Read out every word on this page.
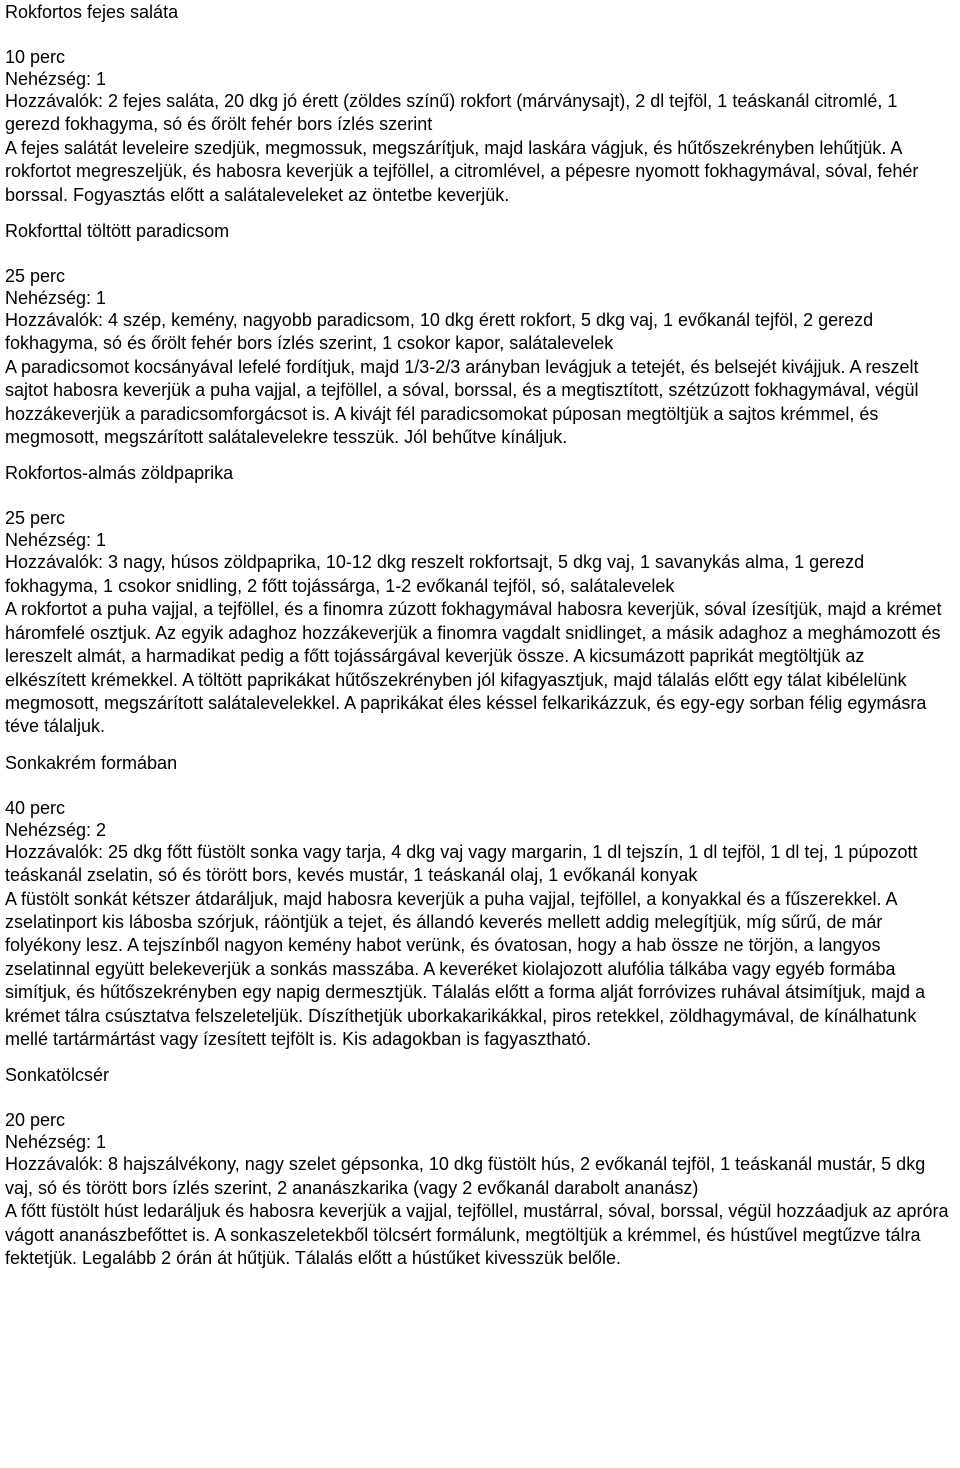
Rokfortos fejes saláta

10 perc

Nehézség: 1

Hozzávalók: 2 fejes saláta, 20 dkg jó érett (zöldes színű) rokfort (márványsajt), 2 dl tejföl, 1 teáskanál citromlé, 1 gerezd fokhagyma, só és őrölt fehér bors ízlés szerint

A fejes salátát leveleire szedjük, megmossuk, megszárítjuk, majd laskára vágjuk, és hűtőszekrényben lehűtjük. A rokfortot megreszeljük, és habosra keverjük a tejföllel, a citromlével, a pépesre nyomott fokhagymával, sóval, fehér borssal. Fogyasztás előtt a salátaleveleket az öntetbe keverjük.

Rokforttal töltött paradicsom

25 perc

Nehézség: 1

Hozzávalók: 4 szép, kemény, nagyobb paradicsom, 10 dkg érett rokfort, 5 dkg vaj, 1 evőkanál tejföl, 2 gerezd fokhagyma, só és őrölt fehér bors ízlés szerint, 1 csokor kapor, salátalevelek

A paradicsomot kocsányával lefelé fordítjuk, majd 1/3-2/3 arányban levágjuk a tetejét, és belsejét kivájjuk. A reszelt sajtot habosra keverjük a puha vajjal, a tejföllel, a sóval, borssal, és a megtisztított, szétzúzott fokhagymával, végül hozzákeverjük a paradicsomforgácsot is. A kivájt fél paradicsomokat púposan megtöltjük a sajtos krémmel, és megmosott, megszárított salátalevelekre tesszük. Jól behűtve kínáljuk.

Rokfortos-almás zöldpaprika

25 perc

Nehézség: 1

Hozzávalók: 3 nagy, húsos zöldpaprika, 10-12 dkg reszelt rokfortsajt, 5 dkg vaj, 1 savanykás alma, 1 gerezd fokhagyma, 1 csokor snidling, 2 főtt tojássárga, 1-2 evőkanál tejföl, só, salátalevelek

A rokfortot a puha vajjal, a tejföllel, és a finomra zúzott fokhagymával habosra keverjük, sóval ízesítjük, majd a krémet háromfelé osztjuk. Az egyik adaghoz hozzákeverjük a finomra vagdalt snidlinget, a másik adaghoz a meghámozott és lereszelt almát, a harmadikat pedig a főtt tojássárgával keverjük össze. A kicsumázott paprikát megtöltjük az elkészített krémekkel. A töltött paprikákat hűtőszekrényben jól kifagyasztjuk, majd tálalás előtt egy tálat kibélelünk megmosott, megszárított salátalevelekkel. A paprikákat éles késsel felkarikázzuk, és egy-egy sorban félig egymásra téve tálaljuk.

Sonkakrém formában

40 perc

Nehézség: 2

Hozzávalók: 25 dkg főtt füstölt sonka vagy tarja, 4 dkg vaj vagy margarin, 1 dl tejszín, 1 dl tejföl, 1 dl tej, 1 púpozott teáskanál zselatin, só és törött bors, kevés mustár, 1 teáskanál olaj, 1 evőkanál konyak

A füstölt sonkát kétszer átdaráljuk, majd habosra keverjük a puha vajjal, tejföllel, a konyakkal és a fűszerekkel. A zselatinport kis lábosba szórjuk, ráöntjük a tejet, és állandó keverés mellett addig melegítjük, míg sűrű, de már folyékony lesz. A tejszínből nagyon kemény habot verünk, és óvatosan, hogy a hab össze ne törjön, a langyos zselatinnal együtt belekeverjük a sonkás masszába. A keveréket kiolajozott alufólia tálkába vagy egyéb formába simítjuk, és hűtőszekrényben egy napig dermesztjük. Tálalás előtt a forma alját forróvizes ruhával átsimítjuk, majd a krémet tálra csúsztatva felszeleteljük. Díszíthetjük uborkakarikákkal, piros retekkel, zöldhagymával, de kínálhatunk mellé tartármártást vagy ízesített tejfölt is. Kis adagokban is fagyasztható.

Sonkatölcsér

20 perc

Nehézség: 1

Hozzávalók: 8 hajszálvékony, nagy szelet gépsonka, 10 dkg füstölt hús, 2 evőkanál tejföl, 1 teáskanál mustár, 5 dkg vaj, só és törött bors ízlés szerint, 2 ananászkarika (vagy 2 evőkanál darabolt ananász)

A főtt füstölt húst ledaráljuk és habosra keverjük a vajjal, tejföllel, mustárral, sóval, borssal, végül hozzáadjuk az apróra vágott ananászbefőttet is. A sonkaszeletekből tölcsért formálunk, megtöltjük a krémmel, és hústűvel megtűzve tálra fektetjük. Legalább 2 órán át hűtjük. Tálalás előtt a hústűket kivesszük belőle.
